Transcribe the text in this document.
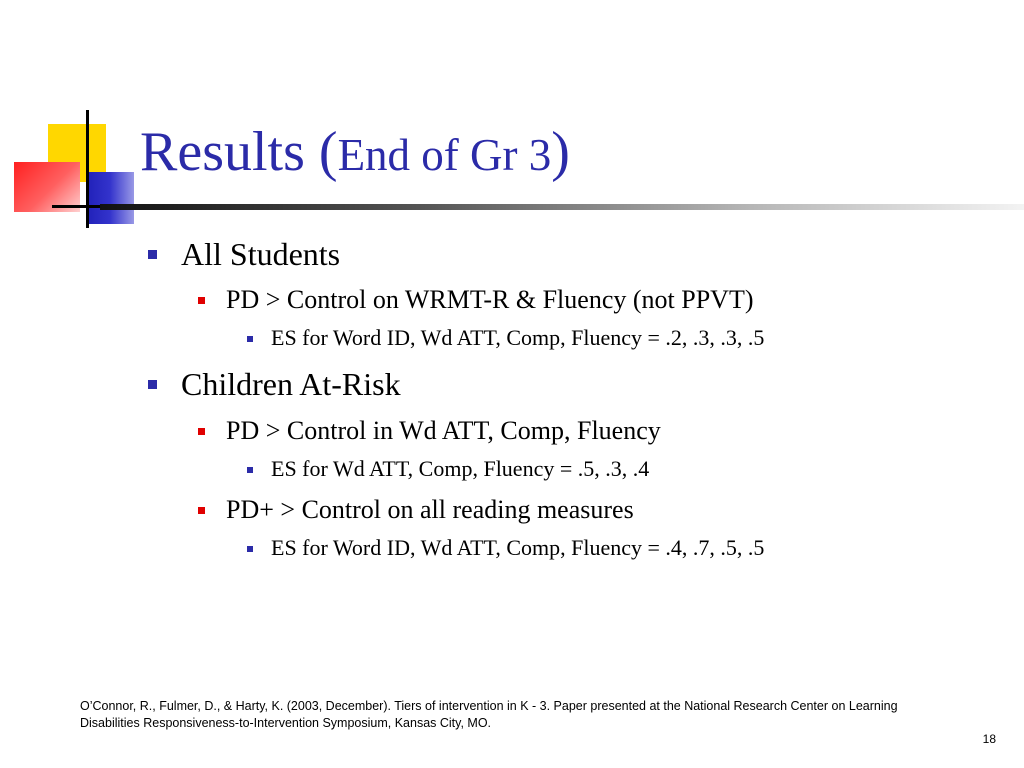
Results (End of Gr 3)
All Students
PD > Control on WRMT-R & Fluency (not PPVT)
ES for Word ID, Wd ATT, Comp, Fluency = .2, .3, .3, .5
Children At-Risk
PD > Control in Wd ATT, Comp, Fluency
ES for Wd ATT, Comp, Fluency = .5, .3, .4
PD+ > Control on all reading measures
ES for Word ID, Wd ATT, Comp, Fluency = .4, .7, .5, .5

O’Connor, R., Fulmer, D., & Harty, K. (2003, December). Tiers of intervention in K - 3. Paper presented at the National Research Center on Learning Disabilities Responsiveness-to-Intervention Symposium, Kansas City, MO.

18
